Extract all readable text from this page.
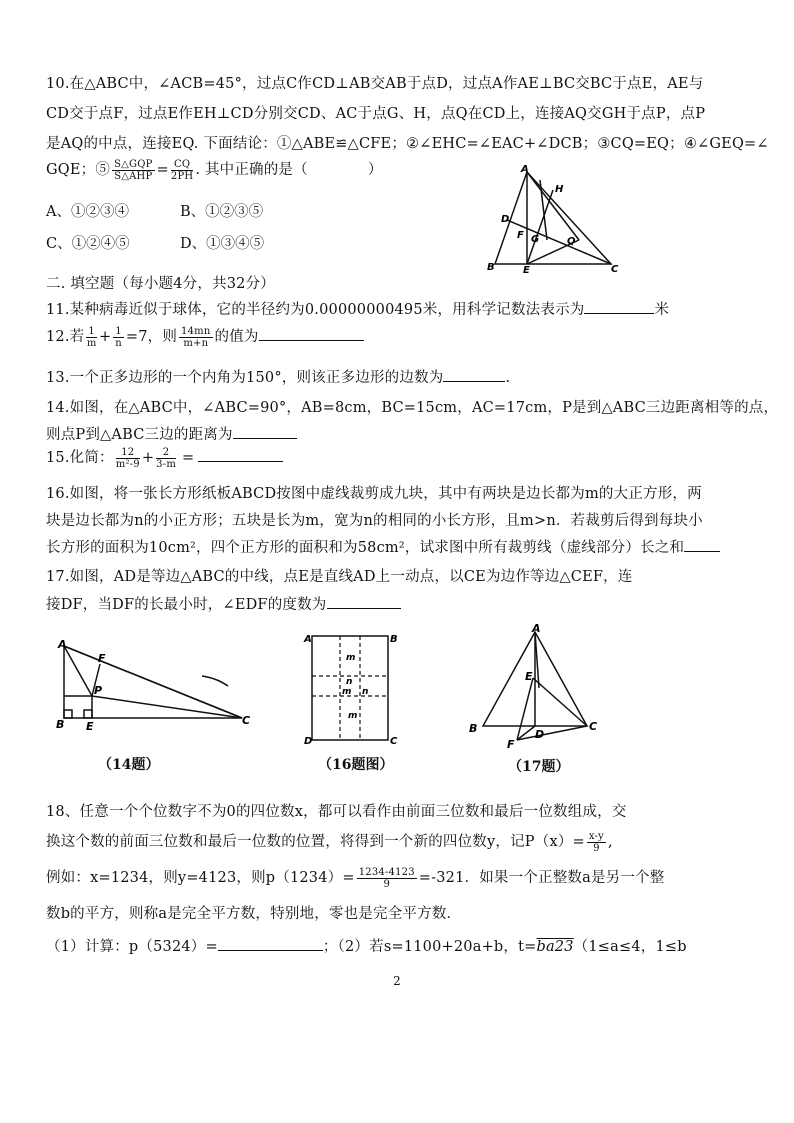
10.在△ABC中，∠ACB=45°，过点C作CD⊥AB交AB于点D，过点A作AE⊥BC交BC于点E，AE与
CD交于点F，过点E作EH⊥CD分别交CD、AC于点G、H，点Q在CD上，连接AQ交GH于点P，点P
是AQ的中点，连接EQ. 下面结论：①△ABE≌△CFE；②∠EHC=∠EAC+∠DCB；③CQ=EQ；④∠GEQ=∠
GQE；⑤ $\frac{\text{S△GQP}}{\text{S△AHP}} = \frac{CQ}{2PH}$ . 其中正确的是（	）
A、①②③④	B、①②③⑤
C、①②④⑤	D、①③④⑤
A
H
D
F G	Q
B	E	C
二. 填空题（每小题4分，共32分）
11.某种病毒近似于球体，它的半径约为0.00000000495米，用科学记数法表示为	米
12.若 $\frac{1}{m} + \frac{1}{n} =7$，则 $\frac{14mn}{m+n}$ 的值为
13.一个正多边形的一个内角为150°，则该正多边形的边数为	.
14.如图，在△ABC中，∠ABC=90°，AB=8cm，BC=15cm，AC=17cm，P是到△ABC三边距离相等的点，
则点P到△ABC三边的距离为
15.化简： $\frac{12}{\text{m²-9}} + \frac{2}{3-m}$ =
16.如图，将一张长方形纸板ABCD按图中虚线裁剪成九块，其中有两块是边长都为m的大正方形，两
块是边长都为n的小正方形；五块是长为m，宽为n的相同的小长方形，且m>n．若裁剪后得到每块小
长方形的面积为10cm²，四个正方形的面积和为58cm²，试求图中所有裁剪线（虚线部分）长之和
17.如图，AD是等边△ABC的中线，点E是直线AD上一动点，以CE为边作等边△CEF，连
接DF，当DF的长最小时，∠EDF的度数为
A
F
P
B E	C
A	B
D	C
m
n
m n
m
A
E
B	C
F
D
（14题）	（16题图）	（17题）
18、任意一个个位数字不为0的四位数x，都可以看作由前面三位数和最后一位数组成，交
换这个数的前面三位数和最后一位数的位置，将得到一个新的四位数y，记$P(x)= \frac{x-y}{9}$ ,
例如：x=1234，则y=4123，则$p(1234)= \frac{1234-4123}{9} =-321$．如果一个正整数a是另一个整
数b的平方，则称a是完全平方数，特别地，零也是完全平方数．
（1）计算：p（5324）=	；（2）若s=1100+20a+b，t=ba23（1≤a≤4，1≤b
2
